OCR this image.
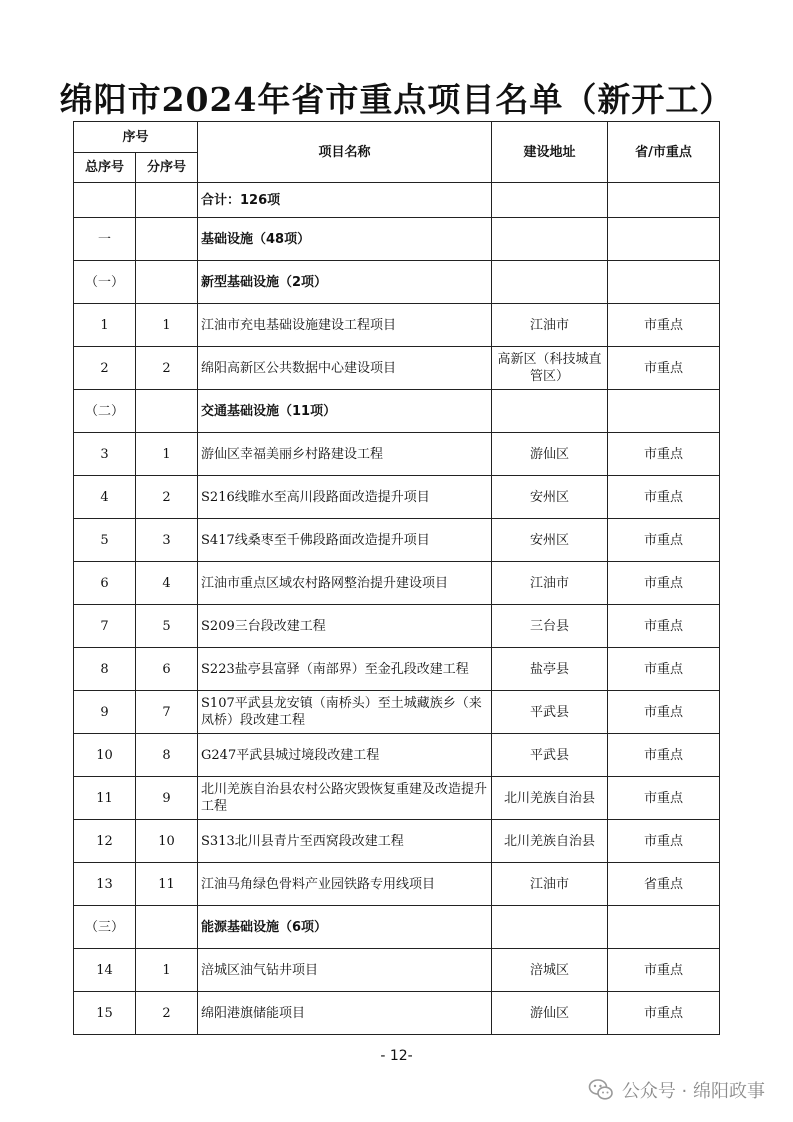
绵阳市2024年省市重点项目名单（新开工）
序号		项目名称	建设地址	省/市重点
总序号	分序号			
		合计：126项		
一		基础设施（48项）		
（一）		新型基础设施（2项）		
1	1	江油市充电基础设施建设工程项目	江油市	市重点
2	2	绵阳高新区公共数据中心建设项目	高新区（科技城直管区）	市重点
（二）		交通基础设施（11项）		
3	1	游仙区幸福美丽乡村路建设工程	游仙区	市重点
4	2	S216线睢水至高川段路面改造提升项目	安州区	市重点
5	3	S417线桑枣至千佛段路面改造提升项目	安州区	市重点
6	4	江油市重点区域农村路网整治提升建设项目	江油市	市重点
7	5	S209三台段改建工程	三台县	市重点
8	6	S223盐亭县富驿（南部界）至金孔段改建工程	盐亭县	市重点
9	7	S107平武县龙安镇（南桥头）至土城藏族乡（来凤桥）段改建工程	平武县	市重点
10	8	G247平武县城过境段改建工程	平武县	市重点
11	9	北川羌族自治县农村公路灾毁恢复重建及改造提升工程	北川羌族自治县	市重点
12	10	S313北川县青片至西窝段改建工程	北川羌族自治县	市重点
13	11	江油马角绿色骨料产业园铁路专用线项目	江油市	省重点
（三）		能源基础设施（6项）		
14	1	涪城区油气钻井项目	涪城区	市重点
15	2	绵阳港旗储能项目	游仙区	市重点
- 12-
公众号 · 绵阳政事
